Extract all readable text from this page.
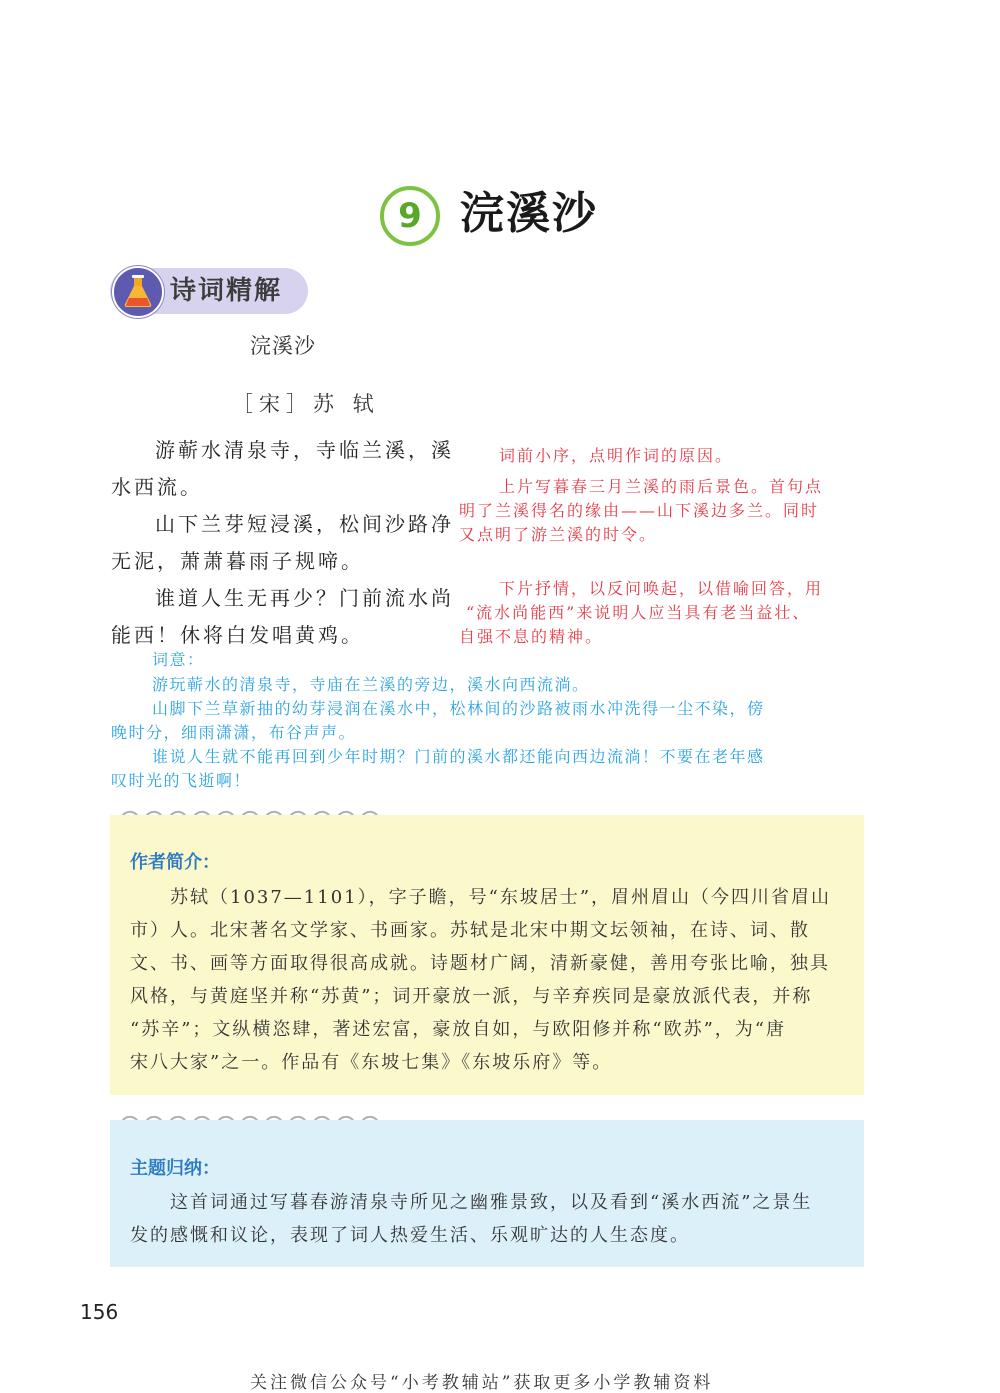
9 浣溪沙
诗词精解
浣溪沙
［宋］苏 轼
游蕲水清泉寺，寺临兰溪，溪
水西流。
山下兰芽短浸溪，松间沙路净
无泥，萧萧暮雨子规啼。
谁道人生无再少？门前流水尚
能西！休将白发唱黄鸡。
词前小序，点明作词的原因。
上片写暮春三月兰溪的雨后景色。首句点
明了兰溪得名的缘由——山下溪边多兰。同时
又点明了游兰溪的时令。
下片抒情，以反问唤起，以借喻回答，用
“流水尚能西”来说明人应当具有老当益壮、
自强不息的精神。
词意：
游玩蕲水的清泉寺，寺庙在兰溪的旁边，溪水向西流淌。
山脚下兰草新抽的幼芽浸润在溪水中，松林间的沙路被雨水冲洗得一尘不染，傍
晚时分，细雨潇潇，布谷声声。
谁说人生就不能再回到少年时期？门前的溪水都还能向西边流淌！不要在老年感
叹时光的飞逝啊！
作者简介：
苏轼（1037—1101），字子瞻，号“东坡居士”，眉州眉山（今四川省眉山
市）人。北宋著名文学家、书画家。苏轼是北宋中期文坛领袖，在诗、词、散
文、书、画等方面取得很高成就。诗题材广阔，清新豪健，善用夸张比喻，独具
风格，与黄庭坚并称“苏黄”；词开豪放一派，与辛弃疾同是豪放派代表，并称
“苏辛”；文纵横恣肆，著述宏富，豪放自如，与欧阳修并称“欧苏”，为“唐
宋八大家”之一。作品有《东坡七集》《东坡乐府》等。
主题归纳：
这首词通过写暮春游清泉寺所见之幽雅景致，以及看到“溪水西流”之景生
发的感慨和议论，表现了词人热爱生活、乐观旷达的人生态度。
156
关注微信公众号“小考教辅站”获取更多小学教辅资料
